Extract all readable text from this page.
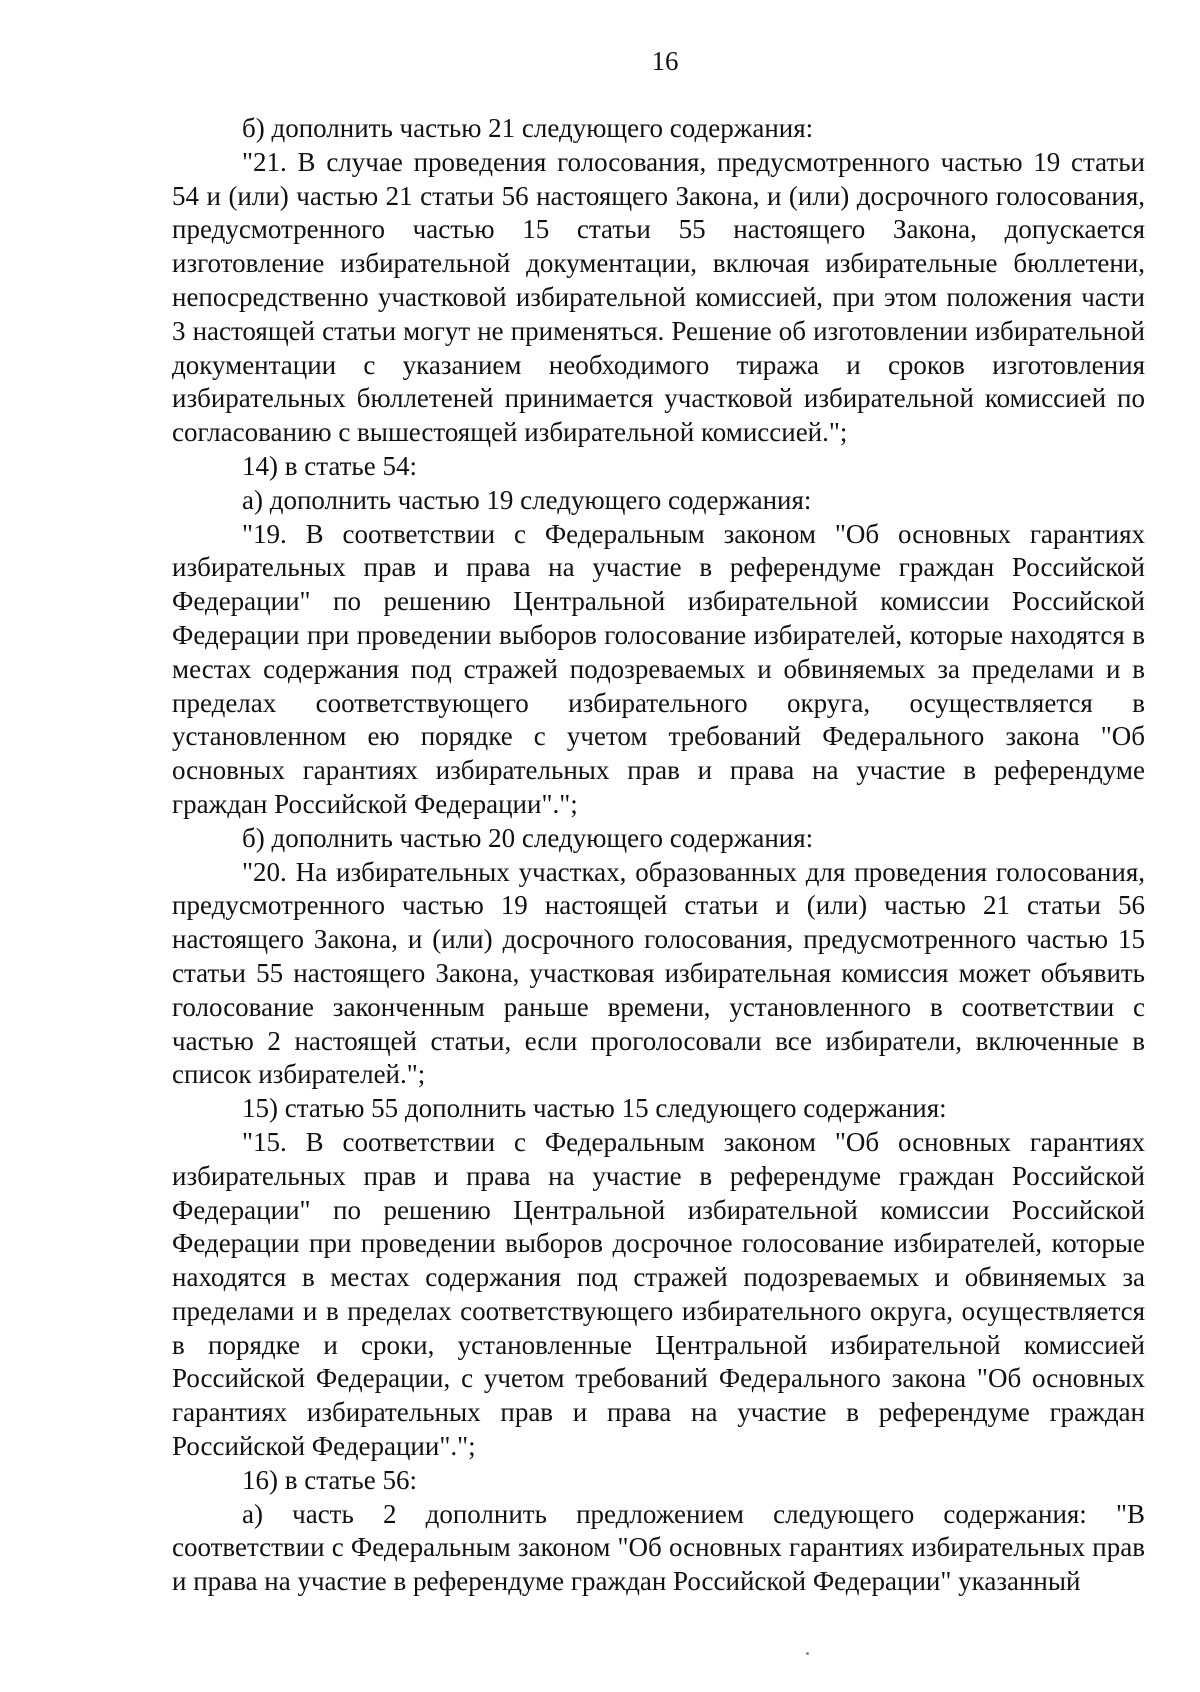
16
б) дополнить частью 21 следующего содержания:
"21. В случае проведения голосования, предусмотренного частью 19 статьи 54 и (или) частью 21 статьи 56 настоящего Закона, и (или) досрочного голосования, предусмотренного частью 15 статьи 55 настоящего Закона, допускается изготовление избирательной документации, включая избирательные бюллетени, непосредственно участковой избирательной комиссией, при этом положения части 3 настоящей статьи могут не применяться. Решение об изготовлении избирательной документации с указанием необходимого тиража и сроков изготовления избирательных бюллетеней принимается участковой избирательной комиссией по согласованию с вышестоящей избирательной комиссией.";
14) в статье 54:
а) дополнить частью 19 следующего содержания:
"19. В соответствии с Федеральным законом "Об основных гарантиях избирательных прав и права на участие в референдуме граждан Российской Федерации" по решению Центральной избирательной комиссии Российской Федерации при проведении выборов голосование избирателей, которые находятся в местах содержания под стражей подозреваемых и обвиняемых за пределами и в пределах соответствующего избирательного округа, осуществляется в установленном ею порядке с учетом требований Федерального закона "Об основных гарантиях избирательных прав и права на участие в референдуме граждан Российской Федерации".";
б) дополнить частью 20 следующего содержания:
"20. На избирательных участках, образованных для проведения голосования, предусмотренного частью 19 настоящей статьи и (или) частью 21 статьи 56 настоящего Закона, и (или) досрочного голосования, предусмотренного частью 15 статьи 55 настоящего Закона, участковая избирательная комиссия может объявить голосование законченным раньше времени, установленного в соответствии с частью 2 настоящей статьи, если проголосовали все избиратели, включенные в список избирателей.";
15) статью 55 дополнить частью 15 следующего содержания:
"15. В соответствии с Федеральным законом "Об основных гарантиях избирательных прав и права на участие в референдуме граждан Российской Федерации" по решению Центральной избирательной комиссии Российской Федерации при проведении выборов досрочное голосование избирателей, которые находятся в местах содержания под стражей подозреваемых и обвиняемых за пределами и в пределах соответствующего избирательного округа, осуществляется в порядке и сроки, установленные Центральной избирательной комиссией Российской Федерации, с учетом требований Федерального закона "Об основных гарантиях избирательных прав и права на участие в референдуме граждан Российской Федерации".";
16) в статье 56:
а) часть 2 дополнить предложением следующего содержания: "В соответствии с Федеральным законом "Об основных гарантиях избирательных прав и права на участие в референдуме граждан Российской Федерации" указанный
